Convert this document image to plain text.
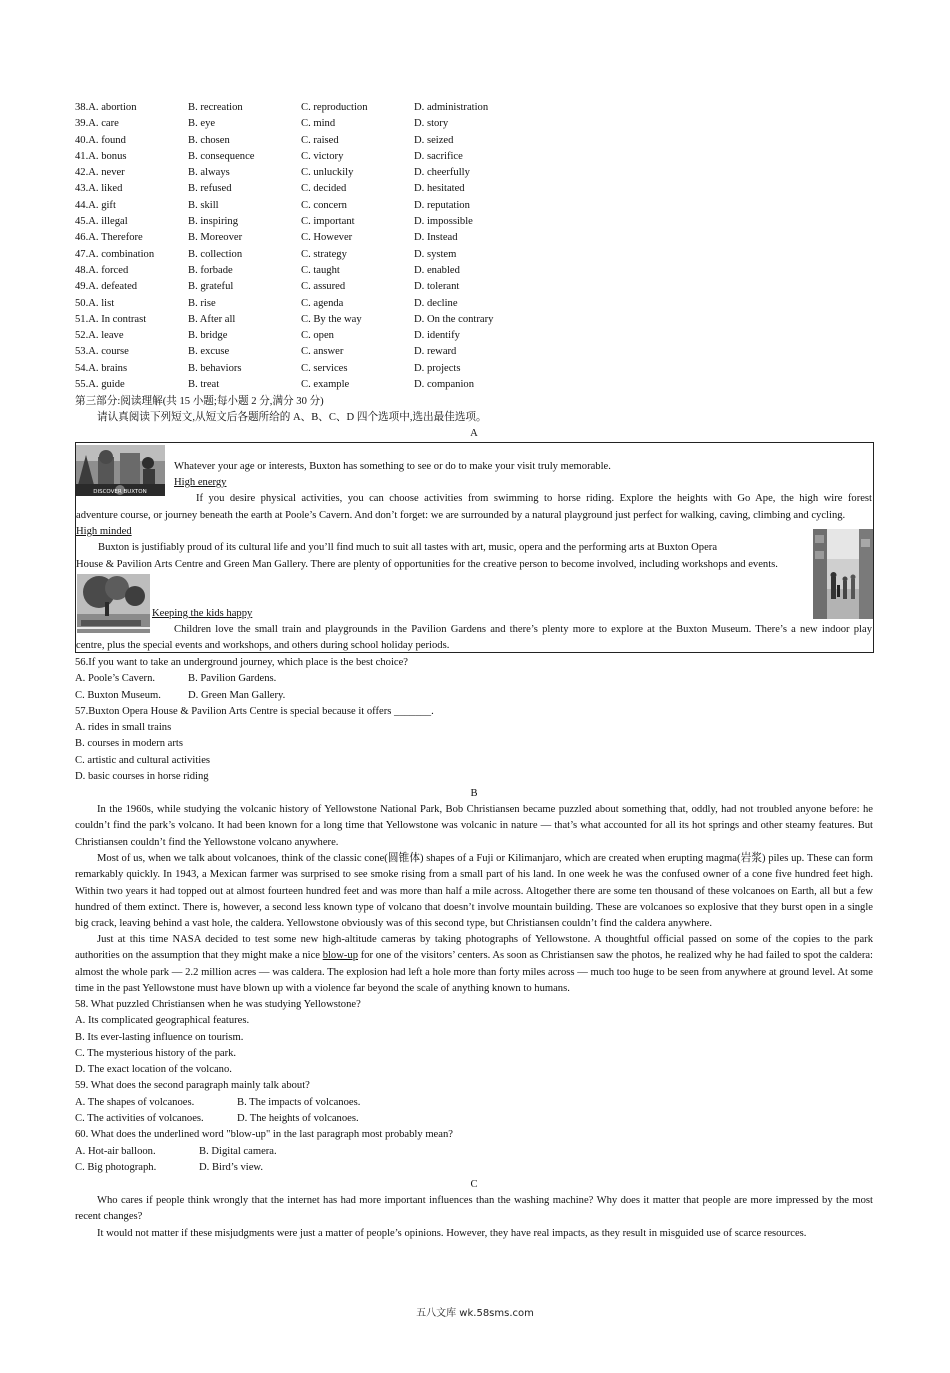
38.A. abortion	B. recreation	C. reproduction	D. administration
39.A. care	B. eye	C. mind	D. story
40.A. found	B. chosen	C. raised	D. seized
41.A. bonus	B. consequence	C. victory	D. sacrifice
42.A. never	B. always	C. unluckily	D. cheerfully
43.A. liked	B. refused	C. decided	D. hesitated
44.A. gift	B. skill	C. concern	D. reputation
45.A. illegal	B. inspiring	C. important	D. impossible
46.A. Therefore	B. Moreover	C. However	D. Instead
47.A. combination	B. collection	C. strategy	D. system
48.A. forced	B. forbade	C. taught	D. enabled
49.A. defeated	B. grateful	C. assured	D. tolerant
50.A. list	B. rise	C. agenda	D. decline
51.A. In contrast	B. After all	C. By the way	D. On the contrary
52.A. leave	B. bridge	C. open	D. identify
53.A. course	B. excuse	C. answer	D. reward
54.A. brains	B. behaviors	C. services	D. projects
55.A. guide	B. treat	C. example	D. companion
第三部分:阅读理解(共 15 小题;每小题 2 分,满分 30 分)
请认真阅读下列短文,从短文后各题所给的 A、B、C、D 四个选项中,选出最佳选项。
A
DISCOVER BUXTON
Whatever your age or interests, Buxton has something to see or do to make your visit truly memorable.
High energy
If you desire physical activities, you can choose activities from swimming to horse riding. Explore the heights with Go Ape, the high wire forest
adventure course, or journey beneath the earth at Poole’s Cavern. And don’t forget: we are surrounded by a natural playground just perfect for walking, caving, climbing and cycling.
High minded
Buxton is justifiably proud of its cultural life and you’ll find much to suit all tastes with art, music, opera and the performing arts at Buxton Opera
House & Pavilion Arts Centre and Green Man Gallery. There are plenty of opportunities for the creative person to become involved, including workshops and events.
Keeping the kids happy
Children love the small train and playgrounds in the Pavilion Gardens and there’s plenty more to explore at the Buxton Museum. There’s a new indoor play
centre, plus the special events and workshops, and others during school holiday periods.
56.If you want to take an underground journey, which place is the best choice?
A. Poole’s Cavern.	B. Pavilion Gardens.
C. Buxton Museum.	D. Green Man Gallery.
57.Buxton Opera House & Pavilion Arts Centre is special because it offers _______.
A. rides in small trains
B. courses in modern arts
C. artistic and cultural activities
D. basic courses in horse riding
B
In the 1960s, while studying the volcanic history of Yellowstone National Park, Bob Christiansen became puzzled about something that, oddly, had not troubled anyone before: he couldn’t find the park’s volcano. It had been known for a long time that Yellowstone was volcanic in nature — that’s what accounted for all its hot springs and other steamy features. But Christiansen couldn’t find the Yellowstone volcano anywhere.
Most of us, when we talk about volcanoes, think of the classic cone(圆锥体) shapes of a Fuji or Kilimanjaro, which are created when erupting magma(岩浆) piles up. These can form remarkably quickly. In 1943, a Mexican farmer was surprised to see smoke rising from a small part of his land. In one week he was the confused owner of a cone five hundred feet high. Within two years it had topped out at almost fourteen hundred feet and was more than half a mile across. Altogether there are some ten thousand of these volcanoes on Earth, all but a few hundred of them extinct. There is, however, a second less known type of volcano that doesn’t involve mountain building. These are volcanoes so explosive that they burst open in a single big crack, leaving behind a vast hole, the caldera. Yellowstone obviously was of this second type, but Christiansen couldn’t find the caldera anywhere.
Just at this time NASA decided to test some new high-altitude cameras by taking photographs of Yellowstone. A thoughtful official passed on some of the copies to the park authorities on the assumption that they might make a nice blow-up for one of the visitors’ centers. As soon as Christiansen saw the photos, he realized why he had failed to spot the caldera: almost the whole park — 2.2 million acres — was caldera. The explosion had left a hole more than forty miles across — much too huge to be seen from anywhere at ground level. At some time in the past Yellowstone must have blown up with a violence far beyond the scale of anything known to humans.
58. What puzzled Christiansen when he was studying Yellowstone?
A. Its complicated geographical features.
B. Its ever-lasting influence on tourism.
C. The mysterious history of the park.
D. The exact location of the volcano.
59. What does the second paragraph mainly talk about?
A. The shapes of volcanoes.	B. The impacts of volcanoes.
C. The activities of volcanoes.	D. The heights of volcanoes.
60. What does the underlined word "blow-up" in the last paragraph most probably mean?
A. Hot-air balloon.	B. Digital camera.
C. Big photograph.	D. Bird’s view.
C
Who cares if people think wrongly that the internet has had more important influences than the washing machine? Why does it matter that people are more impressed by the most recent changes?
It would not matter if these misjudgments were just a matter of people’s opinions. However, they have real impacts, as they result in misguided use of scarce resources.
五八文库 wk.58sms.com
